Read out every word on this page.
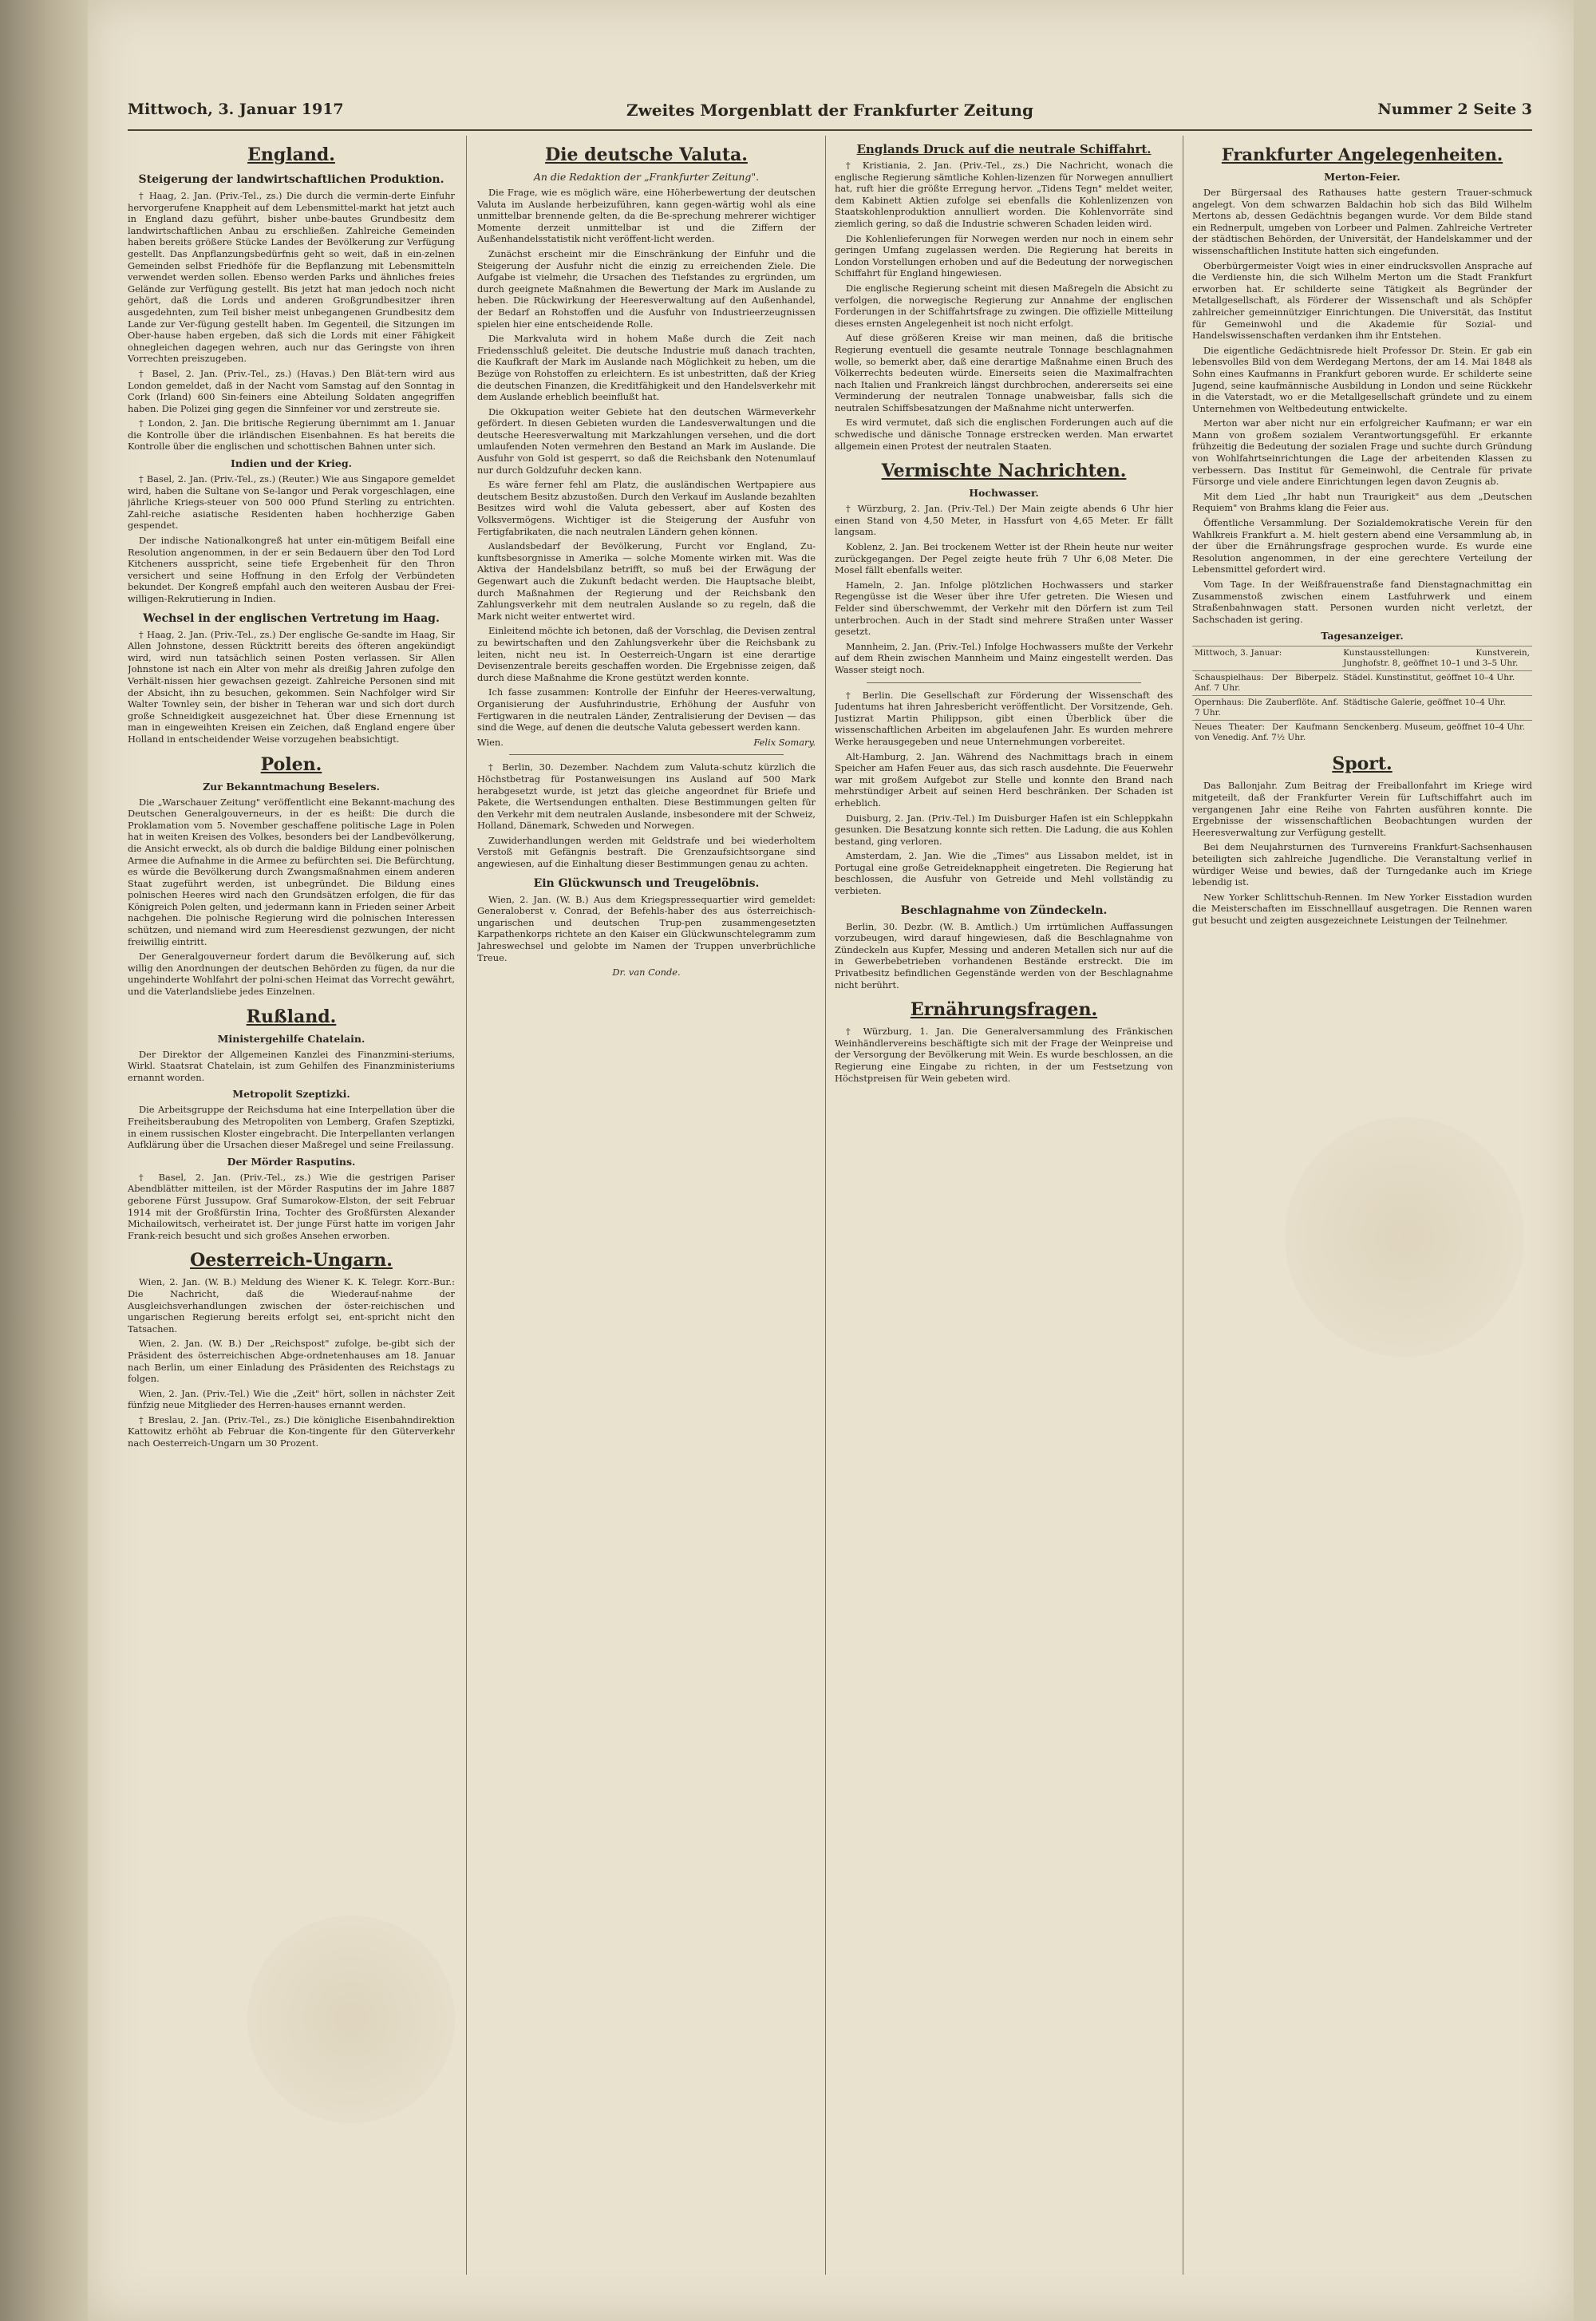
Mittwoch, 3. Januar 1917	Zweites Morgenblatt der Frankfurter Zeitung	Nummer 2 Seite 3
England.
Steigerung der landwirtschaftlichen Produktion.

† Haag, 2. Jan. (Priv.-Tel., zs.) Die durch die vermin-derte Einfuhr hervorgerufene Knappheit auf dem Lebensmittel-markt hat jetzt auch in England dazu geführt, bisher unbe-bautes Grundbesitz dem landwirtschaftlichen Anbau zu erschließen. Zahlreiche Gemeinden haben bereits größere Stücke Landes der Bevölkerung zur Verfügung gestellt. Das Anpflanzungsbedürfnis geht so weit, daß in ein-zelnen Gemeinden selbst Friedhöfe für die Bepflanzung mit Lebensmitteln verwendet werden sollen. Ebenso werden Parks und ähnliches freies Gelände zur Verfügung gestellt. Bis jetzt hat man jedoch noch nicht gehört, daß die Lords und anderen Großgrundbesitzer ihren ausgedehnten, zum Teil bisher meist unbegangenen Grundbesitz dem Lande zur Ver-fügung gestellt haben. Im Gegenteil, die Sitzungen im Ober-hause haben ergeben, daß sich die Lords mit einer Fähigkeit ohnegleichen dagegen wehren, auch nur das Geringste von ihren Vorrechten preiszugeben.

† Basel, 2. Jan. (Priv.-Tel., zs.) (Havas.) Den Blät-tern wird aus London gemeldet, daß in der Nacht vom Samstag auf den Sonntag in Cork (Irland) 600 Sin-feiners eine Abteilung Soldaten angegriffen haben. Die Polizei ging gegen die Sinnfeiner vor und zerstreute sie.

† London, 2. Jan. Die britische Regierung übernimmt am 1. Januar die Kontrolle über die irländischen Eisenbahnen. Es hat bereits die Kontrolle über die englischen und schottischen Bahnen unter sich.

Indien und der Krieg.

† Basel, 2. Jan. (Priv.-Tel., zs.) (Reuter.) Wie aus Singapore gemeldet wird, haben die Sultane von Se-langor und Perak vorgeschlagen, eine jährliche Kriegs-steuer von 500 000 Pfund Sterling zu entrichten. Zahl-reiche asiatische Residenten haben hochherzige Gaben gespendet.

Der indische Nationalkongreß hat unter ein-mütigem Beifall eine Resolution angenommen, in der er sein Bedauern über den Tod Lord Kitcheners ausspricht, seine tiefe Ergebenheit für den Thron versichert und seine Hoffnung in den Erfolg der Verbündeten bekundet. Der Kongreß empfahl auch den weiteren Ausbau der Frei-willigen-Rekrutierung in Indien.

Wechsel in der englischen Vertretung im Haag.

† Haag, 2. Jan. (Priv.-Tel., zs.) Der englische Ge-sandte im Haag, Sir Allen Johnstone, dessen Rücktritt bereits des öfteren angekündigt wird, wird nun tatsächlich seinen Posten verlassen. Sir Allen Johnstone ist nach ein Alter von mehr als dreißig Jahren zufolge den Verhält-nissen hier gewachsen gezeigt. Zahlreiche Personen sind mit der Absicht, ihn zu besuchen, gekommen. Sein Nachfolger wird Sir Walter Townley sein, der bisher in Teheran war und sich dort durch große Schneidigkeit ausgezeichnet hat. Über diese Ernennung ist man in eingeweihten Kreisen ein Zeichen, daß England engere über Holland in entscheidender Weise vorzugehen beabsichtigt.

Polen.
Zur Bekanntmachung Beselers.

Die „Warschauer Zeitung" veröffentlicht eine Bekannt-machung des Deutschen Generalgouverneurs, in der es heißt: Die durch die Proklamation vom 5. November geschaffene politische Lage in Polen hat in weiten Kreisen des Volkes, besonders bei der Landbevölkerung, die Ansicht erweckt, als ob durch die baldige Bildung einer polnischen Armee die Aufnahme in die Armee zu befürchten sei. Die Befürchtung, es würde die Bevölkerung durch Zwangsmaßnahmen einem anderen Staat zugeführt werden, ist unbegründet. Die Bildung eines polnischen Heeres wird nach den Grundsätzen erfolgen, die für das Königreich Polen gelten, und jedermann kann in Frieden seiner Arbeit nachgehen. Die polnische Regierung wird die polnischen Interessen schützen, und niemand wird zum Heeresdienst gezwungen, der nicht freiwillig eintritt.

Der Generalgouverneur fordert darum die Bevölkerung auf, sich willig den Anordnungen der deutschen Behörden zu fügen, da nur die ungehinderte Wohlfahrt der polni-schen Heimat das Vorrecht gewährt, und die Vaterlandsliebe jedes Einzelnen.

Rußland.
Ministergehilfe Chatelain.

Der Direktor der Allgemeinen Kanzlei des Finanzmini-steriums, Wirkl. Staatsrat Chatelain, ist zum Gehilfen des Finanzministeriums ernannt worden.

Metropolit Szeptizki.

Die Arbeitsgruppe der Reichsduma hat eine Interpellation über die Freiheitsberaubung des Metropoliten von Lemberg, Grafen Szeptizki, in einem russischen Kloster eingebracht. Die Interpellanten verlangen Aufklärung über die Ursachen dieser Maßregel und seine Freilassung.

Der Mörder Rasputins.

† Basel, 2. Jan. (Priv.-Tel., zs.) Wie die gestrigen Pariser Abendblätter mitteilen, ist der Mörder Rasputins der im Jahre 1887 geborene Fürst Jussupow. Graf Sumarokow-Elston, der seit Februar 1914 mit der Großfürstin Irina, Tochter des Großfürsten Alexander Michailowitsch, verheiratet ist. Der junge Fürst hatte im vorigen Jahr Frank-reich besucht und sich großes Ansehen erworben.

Oesterreich-Ungarn.

Wien, 2. Jan. (W. B.) Meldung des Wiener K. K. Telegr. Korr.-Bur.: Die Nachricht, daß die Wiederauf-nahme der Ausgleichsverhandlungen zwischen der öster-reichischen und ungarischen Regierung bereits erfolgt sei, ent-spricht nicht den Tatsachen.

Wien, 2. Jan. (W. B.) Der „Reichspost" zufolge, be-gibt sich der Präsident des österreichischen Abge-ordnetenhauses am 18. Januar nach Berlin, um einer Einladung des Präsidenten des Reichstags zu folgen.

Wien, 2. Jan. (Priv.-Tel.) Wie die „Zeit" hört, sollen in nächster Zeit fünfzig neue Mitglieder des Herren-hauses ernannt werden.

† Breslau, 2. Jan. (Priv.-Tel., zs.) Die königliche Eisenbahndirektion Kattowitz erhöht ab Februar die Kon-tingente für den Güterverkehr nach Oesterreich-Ungarn um 30 Prozent.

Die deutsche Valuta.
An die Redaktion der „Frankfurter Zeitung".

Die Frage, wie es möglich wäre, eine Höherbewertung der deutschen Valuta im Auslande herbeizuführen, kann gegen-wärtig wohl als eine unmittelbar brennende gelten, da die Be-sprechung mehrerer wichtiger Momente derzeit unmittelbar ist und die Ziffern der Außenhandelsstatistik nicht veröffent-licht werden.

Zunächst erscheint mir die Einschränkung der Einfuhr und die Steigerung der Ausfuhr nicht die einzig zu erreichenden Ziele. Die Aufgabe ist vielmehr, die Ursachen des Tiefstandes zu ergründen, um durch geeignete Maßnahmen die Bewertung der Mark im Auslande zu heben. Die Rückwirkung der Heeresverwaltung auf den Außenhandel, der Bedarf an Rohstoffen und die Ausfuhr von Industrieerzeugnissen spielen hier eine entscheidende Rolle.

Die Markvaluta wird in hohem Maße durch die Zeit nach Friedensschluß geleitet. Die deutsche Industrie muß danach trachten, die Kaufkraft der Mark im Auslande nach Möglichkeit zu heben, um die Bezüge von Rohstoffen zu erleichtern. Es ist unbestritten, daß der Krieg die deutschen Finanzen, die Kreditfähigkeit und den Handelsverkehr mit dem Auslande erheblich beeinflußt hat.

Die Okkupation weiter Gebiete hat den deutschen Wärmeverkehr gefördert. In diesen Gebieten wurden die Landesverwaltungen und die deutsche Heeresverwaltung mit Markzahlungen versehen, und die dort umlaufenden Noten vermehren den Bestand an Mark im Auslande. Die Ausfuhr von Gold ist gesperrt, so daß die Reichsbank den Notenumlauf nur durch Goldzufuhr decken kann.

Es wäre ferner fehl am Platz, die ausländischen Wertpapiere aus deutschem Besitz abzustoßen. Durch den Verkauf im Auslande bezahlten Besitzes wird wohl die Valuta gebessert, aber auf Kosten des Volksvermögens. Wichtiger ist die Steigerung der Ausfuhr von Fertigfabrikaten, die nach neutralen Ländern gehen können.

Auslandsbedarf der Bevölkerung, Furcht vor England, Zu-kunftsbesorgnisse in Amerika — solche Momente wirken mit. Was die Aktiva der Handelsbilanz betrifft, so muß bei der Erwägung der Gegenwart auch die Zukunft bedacht werden. Die Hauptsache bleibt, durch Maßnahmen der Regierung und der Reichsbank den Zahlungsverkehr mit dem neutralen Auslande so zu regeln, daß die Mark nicht weiter entwertet wird.

Einleitend möchte ich betonen, daß der Vorschlag, die Devisen zentral zu bewirtschaften und den Zahlungsverkehr über die Reichsbank zu leiten, nicht neu ist. In Oesterreich-Ungarn ist eine derartige Devisenzentrale bereits geschaffen worden. Die Ergebnisse zeigen, daß durch diese Maßnahme die Krone gestützt werden konnte.

Ich fasse zusammen: Kontrolle der Einfuhr der Heeres-verwaltung, Organisierung der Ausfuhrindustrie, Erhöhung der Ausfuhr von Fertigwaren in die neutralen Länder, Zentralisierung der Devisen — das sind die Wege, auf denen die deutsche Valuta gebessert werden kann.

Wien.	Felix Somary.

† Berlin, 30. Dezember. Nachdem zum Valuta-schutz kürzlich die Höchstbetrag für Postanweisungen ins Ausland auf 500 Mark herabgesetzt wurde, ist jetzt das gleiche angeordnet für Briefe und Pakete, die Wertsendungen enthalten. Diese Bestimmungen gelten für den Verkehr mit dem neutralen Auslande, insbesondere mit der Schweiz, Holland, Dänemark, Schweden und Norwegen.

Zuwiderhandlungen werden mit Geldstrafe und bei wiederholtem Verstoß mit Gefängnis bestraft. Die Grenzaufsichtsorgane sind angewiesen, auf die Einhaltung dieser Bestimmungen genau zu achten.

Ein Glückwunsch und Treugelöbnis.

Wien, 2. Jan. (W. B.) Aus dem Kriegspressequartier wird gemeldet: Generaloberst v. Conrad, der Befehls-haber des aus österreichisch-ungarischen und deutschen Trup-pen zusammengesetzten Karpathenkorps richtete an den Kaiser ein Glückwunschtelegramm zum Jahreswechsel und gelobte im Namen der Truppen unverbrüchliche Treue.

Dr. van Conde.
Englands Druck auf die neutrale Schiffahrt.

† Kristiania, 2. Jan. (Priv.-Tel., zs.) Die Nachricht, wonach die englische Regierung sämtliche Kohlen-lizenzen für Norwegen annulliert hat, ruft hier die größte Erregung hervor. „Tidens Tegn" meldet weiter, dem Kabinett Aktien zufolge sei ebenfalls die Kohlenlizenzen von Staatskohlenproduktion annulliert worden. Die Kohlenvorräte sind ziemlich gering, so daß die Industrie schweren Schaden leiden wird.

Die Kohlenlieferungen für Norwegen werden nur noch in einem sehr geringen Umfang zugelassen werden. Die Regierung hat bereits in London Vorstellungen erhoben und auf die Bedeutung der norwegischen Schiffahrt für England hingewiesen.

Die englische Regierung scheint mit diesen Maßregeln die Absicht zu verfolgen, die norwegische Regierung zur Annahme der englischen Forderungen in der Schiffahrtsfrage zu zwingen. Die offizielle Mitteilung dieses ernsten Angelegenheit ist noch nicht erfolgt.

Auf diese größeren Kreise wir man meinen, daß die britische Regierung eventuell die gesamte neutrale Tonnage beschlagnahmen wolle, so bemerkt aber, daß eine derartige Maßnahme einen Bruch des Völkerrechts bedeuten würde. Einerseits seien die Maximalfrachten nach Italien und Frankreich längst durchbrochen, andererseits sei eine Verminderung der neutralen Tonnage unabweisbar, falls sich die neutralen Schiffsbesatzungen der Maßnahme nicht unterwerfen.

Es wird vermutet, daß sich die englischen Forderungen auch auf die schwedische und dänische Tonnage erstrecken werden. Man erwartet allgemein einen Protest der neutralen Staaten.

Vermischte Nachrichten.
Hochwasser.

† Würzburg, 2. Jan. (Priv.-Tel.) Der Main zeigte abends 6 Uhr hier einen Stand von 4,50 Meter, in Hassfurt von 4,65 Meter. Er fällt langsam.

Koblenz, 2. Jan. Bei trockenem Wetter ist der Rhein heute nur weiter zurückgegangen. Der Pegel zeigte heute früh 7 Uhr 6,08 Meter. Die Mosel fällt ebenfalls weiter.

Hameln, 2. Jan. Infolge plötzlichen Hochwassers und starker Regengüsse ist die Weser über ihre Ufer getreten. Die Wiesen und Felder sind überschwemmt, der Verkehr mit den Dörfern ist zum Teil unterbrochen. Auch in der Stadt sind mehrere Straßen unter Wasser gesetzt.

Mannheim, 2. Jan. (Priv.-Tel.) Infolge Hochwassers mußte der Verkehr auf dem Rhein zwischen Mannheim und Mainz eingestellt werden. Das Wasser steigt noch.

† Berlin. Die Gesellschaft zur Förderung der Wissenschaft des Judentums hat ihren Jahresbericht veröffentlicht. Der Vorsitzende, Geh. Justizrat Martin Philippson, gibt einen Überblick über die wissenschaftlichen Arbeiten im abgelaufenen Jahr. Es wurden mehrere Werke herausgegeben und neue Unternehmungen vorbereitet.

Alt-Hamburg, 2. Jan. Während des Nachmittags brach in einem Speicher am Hafen Feuer aus, das sich rasch ausdehnte. Die Feuerwehr war mit großem Aufgebot zur Stelle und konnte den Brand nach mehrstündiger Arbeit auf seinen Herd beschränken. Der Schaden ist erheblich.

Duisburg, 2. Jan. (Priv.-Tel.) Im Duisburger Hafen ist ein Schleppkahn gesunken. Die Besatzung konnte sich retten. Die Ladung, die aus Kohlen bestand, ging verloren.

Amsterdam, 2. Jan. Wie die „Times" aus Lissabon meldet, ist in Portugal eine große Getreideknappheit eingetreten. Die Regierung hat beschlossen, die Ausfuhr von Getreide und Mehl vollständig zu verbieten.

Beschlagnahme von Zündeckeln.

Berlin, 30. Dezbr. (W. B. Amtlich.) Um irrtümlichen Auffassungen vorzubeugen, wird darauf hingewiesen, daß die Beschlagnahme von Zündeckeln aus Kupfer, Messing und anderen Metallen sich nur auf die in Gewerbebetrieben vorhandenen Bestände erstreckt. Die im Privatbesitz befindlichen Gegenstände werden von der Beschlagnahme nicht berührt.

Ernährungsfragen.

† Würzburg, 1. Jan. Die Generalversammlung des Fränkischen Weinhändlervereins beschäftigte sich mit der Frage der Weinpreise und der Versorgung der Bevölkerung mit Wein. Es wurde beschlossen, an die Regierung eine Eingabe zu richten, in der um Festsetzung von Höchstpreisen für Wein gebeten wird.

Frankfurter Angelegenheiten.
Merton-Feier.

Der Bürgersaal des Rathauses hatte gestern Trauer-schmuck angelegt. Von dem schwarzen Baldachin hob sich das Bild Wilhelm Mertons ab, dessen Gedächtnis begangen wurde. Vor dem Bilde stand ein Rednerpult, umgeben von Lorbeer und Palmen. Zahlreiche Vertreter der städtischen Behörden, der Universität, der Handelskammer und der wissenschaftlichen Institute hatten sich eingefunden.

Oberbürgermeister Voigt wies in einer eindrucksvollen Ansprache auf die Verdienste hin, die sich Wilhelm Merton um die Stadt Frankfurt erworben hat. Er schilderte seine Tätigkeit als Begründer der Metallgesellschaft, als Förderer der Wissenschaft und als Schöpfer zahlreicher gemeinnütziger Einrichtungen. Die Universität, das Institut für Gemeinwohl und die Akademie für Sozial- und Handelswissenschaften verdanken ihm ihr Entstehen.

Die eigentliche Gedächtnisrede hielt Professor Dr. Stein. Er gab ein lebensvolles Bild von dem Werdegang Mertons, der am 14. Mai 1848 als Sohn eines Kaufmanns in Frankfurt geboren wurde. Er schilderte seine Jugend, seine kaufmännische Ausbildung in London und seine Rückkehr in die Vaterstadt, wo er die Metallgesellschaft gründete und zu einem Unternehmen von Weltbedeutung entwickelte.

Merton war aber nicht nur ein erfolgreicher Kaufmann; er war ein Mann von großem sozialem Verantwortungsgefühl. Er erkannte frühzeitig die Bedeutung der sozialen Frage und suchte durch Gründung von Wohlfahrtseinrichtungen die Lage der arbeitenden Klassen zu verbessern. Das Institut für Gemeinwohl, die Centrale für private Fürsorge und viele andere Einrichtungen legen davon Zeugnis ab.

Mit dem Lied „Ihr habt nun Traurigkeit" aus dem „Deutschen Requiem" von Brahms klang die Feier aus.

Öffentliche Versammlung. Der Sozialdemokratische Verein für den Wahlkreis Frankfurt a. M. hielt gestern abend eine Versammlung ab, in der über die Ernährungsfrage gesprochen wurde. Es wurde eine Resolution angenommen, in der eine gerechtere Verteilung der Lebensmittel gefordert wird.

Vom Tage. In der Weißfrauenstraße fand Dienstagnachmittag ein Zusammenstoß zwischen einem Lastfuhrwerk und einem Straßenbahnwagen statt. Personen wurden nicht verletzt, der Sachschaden ist gering.

Tagesanzeiger.
Mittwoch, 3. Januar:	Kunstausstellungen: Kunstverein, Junghofstr. 8, geöffnet 10–1 und 3–5 Uhr.
Schauspielhaus: Der Biberpelz. Anf. 7 Uhr.	Städel. Kunstinstitut, geöffnet 10–4 Uhr.
Opernhaus: Die Zauberflöte. Anf. 7 Uhr.	Städtische Galerie, geöffnet 10–4 Uhr.
Neues Theater: Der Kaufmann von Venedig. Anf. 7½ Uhr.	Senckenberg. Museum, geöffnet 10–4 Uhr.
Sport.

Das Ballonjahr. Zum Beitrag der Freiballonfahrt im Kriege wird mitgeteilt, daß der Frankfurter Verein für Luftschiffahrt auch im vergangenen Jahr eine Reihe von Fahrten ausführen konnte. Die Ergebnisse der wissenschaftlichen Beobachtungen wurden der Heeresverwaltung zur Verfügung gestellt.

Bei dem Neujahrsturnen des Turnvereins Frankfurt-Sachsenhausen beteiligten sich zahlreiche Jugendliche. Die Veranstaltung verlief in würdiger Weise und bewies, daß der Turngedanke auch im Kriege lebendig ist.

New Yorker Schlittschuh-Rennen. Im New Yorker Eisstadion wurden die Meisterschaften im Eisschnelllauf ausgetragen. Die Rennen waren gut besucht und zeigten ausgezeichnete Leistungen der Teilnehmer.
